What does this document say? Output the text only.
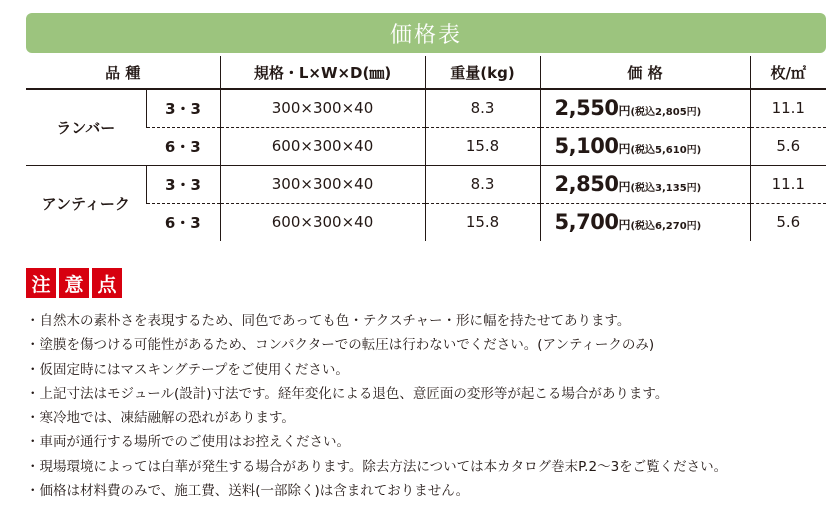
価格表
品 種		規格・L×W×D(㎜)	重量(kg)	価 格	枚/㎡
ランバー	3・3	300×300×40	8.3	2,550円(税込2,805円)	11.1
	6・3	600×300×40	15.8	5,100円(税込5,610円)	5.6
アンティーク	3・3	300×300×40	8.3	2,850円(税込3,135円)	11.1
	6・3	600×300×40	15.8	5,700円(税込6,270円)	5.6
注 意 点
・自然木の素朴さを表現するため、同色であっても色・テクスチャー・形に幅を持たせてあります。
・塗膜を傷つける可能性があるため、コンパクターでの転圧は行わないでください。(アンティークのみ)
・仮固定時にはマスキングテープをご使用ください。
・上記寸法はモジュール(設計)寸法です。経年変化による退色、意匠面の変形等が起こる場合があります。
・寒冷地では、凍結融解の恐れがあります。
・車両が通行する場所でのご使用はお控えください。
・現場環境によっては白華が発生する場合があります。除去方法については本カタログ巻末P.2〜3をご覧ください。
・価格は材料費のみで、施工費、送料(一部除く)は含まれておりません。
